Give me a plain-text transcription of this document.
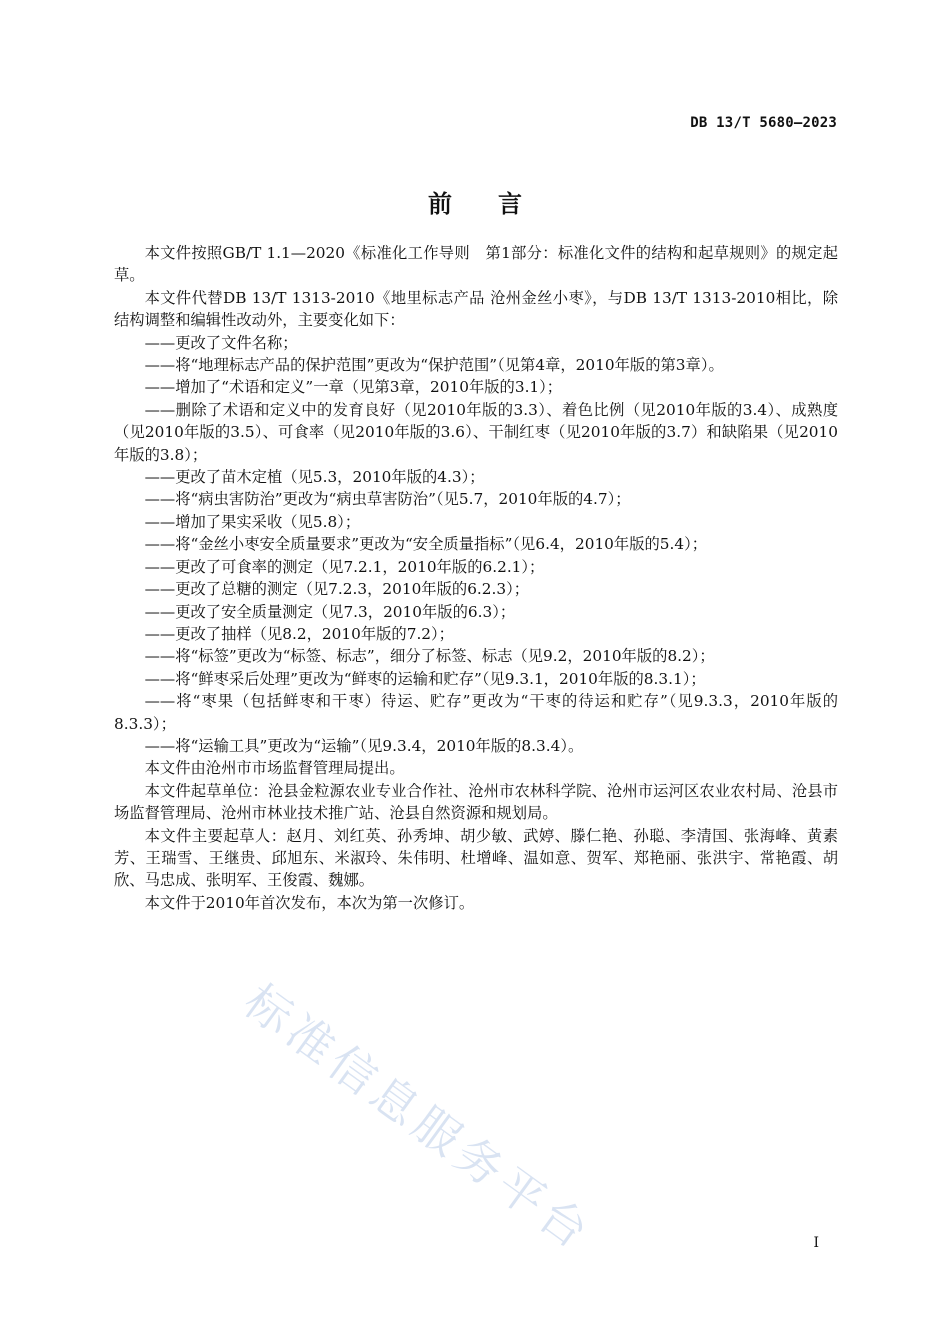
DB 13/T 5680—2023
前言

本文件按照GB/T 1.1—2020《标准化工作导则　第1部分：标准化文件的结构和起草规则》的规定起草。

本文件代替DB 13/T 1313-2010《地里标志产品 沧州金丝小枣》，与DB 13/T 1313-2010相比，除结构调整和编辑性改动外，主要变化如下：

——更改了文件名称；

——将“地理标志产品的保护范围”更改为“保护范围”（见第4章，2010年版的第3章）。

——增加了“术语和定义”一章（见第3章，2010年版的3.1）；

——删除了术语和定义中的发育良好（见2010年版的3.3）、着色比例（见2010年版的3.4）、成熟度（见2010年版的3.5）、可食率（见2010年版的3.6）、干制红枣（见2010年版的3.7）和缺陷果（见2010年版的3.8）；

——更改了苗木定植（见5.3，2010年版的4.3）；

——将“病虫害防治”更改为“病虫草害防治”（见5.7，2010年版的4.7）；

——增加了果实采收（见5.8）；

——将“金丝小枣安全质量要求”更改为“安全质量指标”（见6.4，2010年版的5.4）；

——更改了可食率的测定（见7.2.1，2010年版的6.2.1）；

——更改了总糖的测定（见7.2.3，2010年版的6.2.3）；

——更改了安全质量测定（见7.3，2010年版的6.3）；

——更改了抽样（见8.2，2010年版的7.2）；

——将“标签”更改为“标签、标志”，细分了标签、标志（见9.2，2010年版的8.2）；

——将“鲜枣采后处理”更改为“鲜枣的运输和贮存”（见9.3.1，2010年版的8.3.1）；

——将“枣果（包括鲜枣和干枣）待运、贮存”更改为“干枣的待运和贮存”（见9.3.3，2010年版的8.3.3）；

——将“运输工具”更改为“运输”（见9.3.4，2010年版的8.3.4）。

本文件由沧州市市场监督管理局提出。

本文件起草单位：沧县金粒源农业专业合作社、沧州市农林科学院、沧州市运河区农业农村局、沧县市场监督管理局、沧州市林业技术推广站、沧县自然资源和规划局。

本文件主要起草人：赵月、刘红英、孙秀坤、胡少敏、武婷、滕仁艳、孙聪、李清国、张海峰、黄素芳、王瑞雪、王继贵、邱旭东、米淑玲、朱伟明、杜增峰、温如意、贺军、郑艳丽、张洪宇、常艳霞、胡欣、马忠成、张明军、王俊霞、魏娜。

本文件于2010年首次发布，本次为第一次修订。

标准信息服务平台	I
